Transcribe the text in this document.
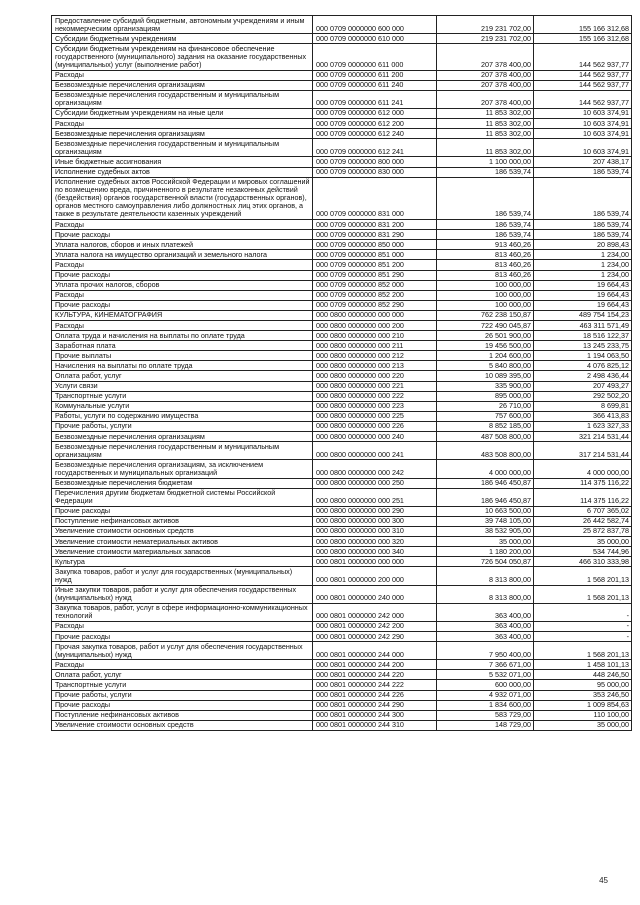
Предоставление субсидий бюджетным, автономным учреждениям и иным некоммерческим организациям	000 0709 0000000 600 000	219 231 702,00	155 166 312,68
Субсидии бюджетным учреждениям	000 0709 0000000 610 000	219 231 702,00	155 166 312,68
Субсидии бюджетным учреждениям на финансовое обеспечение государственного (муниципального) задания на оказание государственных (муниципальных) услуг (выполнение работ)	000 0709 0000000 611 000	207 378 400,00	144 562 937,77
Расходы	000 0709 0000000 611 200	207 378 400,00	144 562 937,77
Безвозмездные перечисления организациям	000 0709 0000000 611 240	207 378 400,00	144 562 937,77
Безвозмездные перечисления государственным и муниципальным организациям	000 0709 0000000 611 241	207 378 400,00	144 562 937,77
Субсидии бюджетным учреждениям на иные цели	000 0709 0000000 612 000	11 853 302,00	10 603 374,91
Расходы	000 0709 0000000 612 200	11 853 302,00	10 603 374,91
Безвозмездные перечисления организациям	000 0709 0000000 612 240	11 853 302,00	10 603 374,91
Безвозмездные перечисления государственным и муниципальным организациям	000 0709 0000000 612 241	11 853 302,00	10 603 374,91
Иные бюджетные ассигнования	000 0709 0000000 800 000	1 100 000,00	207 438,17
Исполнение судебных актов	000 0709 0000000 830 000	186 539,74	186 539,74
Исполнение судебных актов Российской Федерации и мировых соглашений по возмещению вреда, причиненного в результате незаконных действий (бездействия) органов государственной власти (государственных органов), органов местного самоуправления либо должностных лиц этих органов, а также в результате деятельности казенных учреждений	000 0709 0000000 831 000	186 539,74	186 539,74
Расходы	000 0709 0000000 831 200	186 539,74	186 539,74
Прочие расходы	000 0709 0000000 831 290	186 539,74	186 539,74
Уплата налогов, сборов и иных платежей	000 0709 0000000 850 000	913 460,26	20 898,43
Уплата налога на имущество организаций и земельного налога	000 0709 0000000 851 000	813 460,26	1 234,00
Расходы	000 0709 0000000 851 200	813 460,26	1 234,00
Прочие расходы	000 0709 0000000 851 290	813 460,26	1 234,00
Уплата прочих налогов, сборов	000 0709 0000000 852 000	100 000,00	19 664,43
Расходы	000 0709 0000000 852 200	100 000,00	19 664,43
Прочие расходы	000 0709 0000000 852 290	100 000,00	19 664,43
КУЛЬТУРА, КИНЕМАТОГРАФИЯ	000 0800 0000000 000 000	762 238 150,87	489 754 154,23
Расходы	000 0800 0000000 000 200	722 490 045,87	463 311 571,49
Оплата труда и начисления на выплаты по оплате труда	000 0800 0000000 000 210	26 501 900,00	18 516 122,37
Заработная плата	000 0800 0000000 000 211	19 456 500,00	13 245 233,75
Прочие выплаты	000 0800 0000000 000 212	1 204 600,00	1 194 063,50
Начисления на выплаты по оплате труда	000 0800 0000000 000 213	5 840 800,00	4 076 825,12
Оплата работ, услуг	000 0800 0000000 000 220	10 089 395,00	2 498 436,44
Услуги связи	000 0800 0000000 000 221	335 900,00	207 493,27
Транспортные услуги	000 0800 0000000 000 222	895 000,00	292 502,20
Коммунальные услуги	000 0800 0000000 000 223	26 710,00	8 699,81
Работы, услуги по содержанию имущества	000 0800 0000000 000 225	757 600,00	366 413,83
Прочие работы, услуги	000 0800 0000000 000 226	8 852 185,00	1 623 327,33
Безвозмездные перечисления организациям	000 0800 0000000 000 240	487 508 800,00	321 214 531,44
Безвозмездные перечисления государственным и муниципальным организациям	000 0800 0000000 000 241	483 508 800,00	317 214 531,44
Безвозмездные перечисления организациям, за исключением государственных и муниципальных организаций	000 0800 0000000 000 242	4 000 000,00	4 000 000,00
Безвозмездные перечисления бюджетам	000 0800 0000000 000 250	186 946 450,87	114 375 116,22
Перечисления другим бюджетам бюджетной системы Российской Федерации	000 0800 0000000 000 251	186 946 450,87	114 375 116,22
Прочие расходы	000 0800 0000000 000 290	10 663 500,00	6 707 365,02
Поступление нефинансовых активов	000 0800 0000000 000 300	39 748 105,00	26 442 582,74
Увеличение стоимости основных средств	000 0800 0000000 000 310	38 532 905,00	25 872 837,78
Увеличение стоимости нематериальных активов	000 0800 0000000 000 320	35 000,00	35 000,00
Увеличение стоимости материальных запасов	000 0800 0000000 000 340	1 180 200,00	534 744,96
Культура	000 0801 0000000 000 000	726 504 050,87	466 310 333,98
Закупка товаров, работ и услуг для государственных (муниципальных) нужд	000 0801 0000000 200 000	8 313 800,00	1 568 201,13
Иные закупки товаров, работ и услуг для обеспечения государственных (муниципальных) нужд	000 0801 0000000 240 000	8 313 800,00	1 568 201,13
Закупка товаров, работ, услуг в сфере информационно-коммуникационных технологий	000 0801 0000000 242 000	363 400,00	-
Расходы	000 0801 0000000 242 200	363 400,00	-
Прочие расходы	000 0801 0000000 242 290	363 400,00	-
Прочая закупка товаров, работ и услуг для обеспечения государственных (муниципальных) нужд	000 0801 0000000 244 000	7 950 400,00	1 568 201,13
Расходы	000 0801 0000000 244 200	7 366 671,00	1 458 101,13
Оплата работ, услуг	000 0801 0000000 244 220	5 532 071,00	448 246,50
Транспортные услуги	000 0801 0000000 244 222	600 000,00	95 000,00
Прочие работы, услуги	000 0801 0000000 244 226	4 932 071,00	353 246,50
Прочие расходы	000 0801 0000000 244 290	1 834 600,00	1 009 854,63
Поступление нефинансовых активов	000 0801 0000000 244 300	583 729,00	110 100,00
Увеличение стоимости основных средств	000 0801 0000000 244 310	148 729,00	35 000,00
45
